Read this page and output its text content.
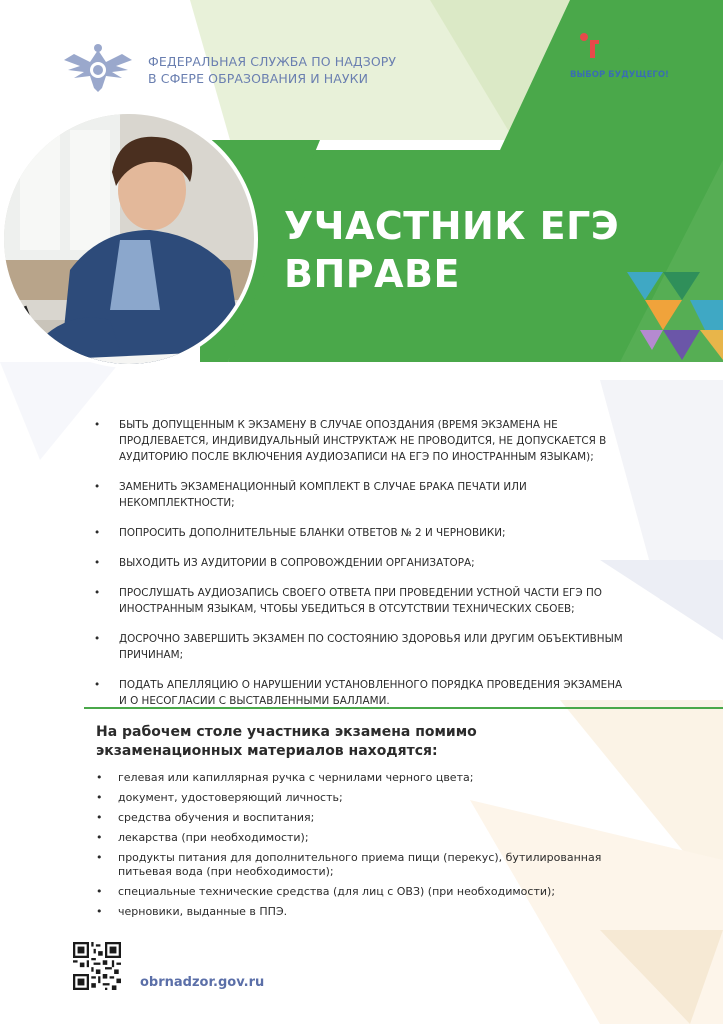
ФЕДЕРАЛЬНАЯ СЛУЖБА ПО НАДЗОРУ
В СФЕРЕ ОБРАЗОВАНИЯ И НАУКИ
ЕГЭ
ВЫБОР БУДУЩЕГО!
УЧАСТНИК ЕГЭ
ВПРАВЕ
• БЫТЬ ДОПУЩЕННЫМ К ЭКЗАМЕНУ В СЛУЧАЕ ОПОЗДАНИЯ (ВРЕМЯ ЭКЗАМЕНА НЕ ПРОДЛЕВАЕТСЯ, ИНДИВИДУАЛЬНЫЙ ИНСТРУКТАЖ НЕ ПРОВОДИТСЯ, НЕ ДОПУСКАЕТСЯ В АУДИТОРИЮ ПОСЛЕ ВКЛЮЧЕНИЯ АУДИОЗАПИСИ НА ЕГЭ ПО ИНОСТРАННЫМ ЯЗЫКАМ);
• ЗАМЕНИТЬ ЭКЗАМЕНАЦИОННЫЙ КОМПЛЕКТ В СЛУЧАЕ БРАКА ПЕЧАТИ ИЛИ НЕКОМПЛЕКТНОСТИ;
• ПОПРОСИТЬ ДОПОЛНИТЕЛЬНЫЕ БЛАНКИ ОТВЕТОВ № 2 И ЧЕРНОВИКИ;
• ВЫХОДИТЬ ИЗ АУДИТОРИИ В СОПРОВОЖДЕНИИ ОРГАНИЗАТОРА;
• ПРОСЛУШАТЬ АУДИОЗАПИСЬ СВОЕГО ОТВЕТА ПРИ ПРОВЕДЕНИИ УСТНОЙ ЧАСТИ ЕГЭ ПО ИНОСТРАННЫМ ЯЗЫКАМ, ЧТОБЫ УБЕДИТЬСЯ В ОТСУТСТВИИ ТЕХНИЧЕСКИХ СБОЕВ;
• ДОСРОЧНО ЗАВЕРШИТЬ ЭКЗАМЕН ПО СОСТОЯНИЮ ЗДОРОВЬЯ ИЛИ ДРУГИМ ОБЪЕКТИВНЫМ ПРИЧИНАМ;
• ПОДАТЬ АПЕЛЛЯЦИЮ О НАРУШЕНИИ УСТАНОВЛЕННОГО ПОРЯДКА ПРОВЕДЕНИЯ ЭКЗАМЕНА И О НЕСОГЛАСИИ С ВЫСТАВЛЕННЫМИ БАЛЛАМИ.
На рабочем столе участника экзамена помимо экзаменационных материалов находятся:
• гелевая или капиллярная ручка с чернилами черного цвета;
• документ, удостоверяющий личность;
• средства обучения и воспитания;
• лекарства (при необходимости);
• продукты питания для дополнительного приема пищи (перекус), бутилированная питьевая вода (при необходимости);
• специальные технические средства (для лиц с ОВЗ) (при необходимости);
• черновики, выданные в ППЭ.
obrnadzor.gov.ru
